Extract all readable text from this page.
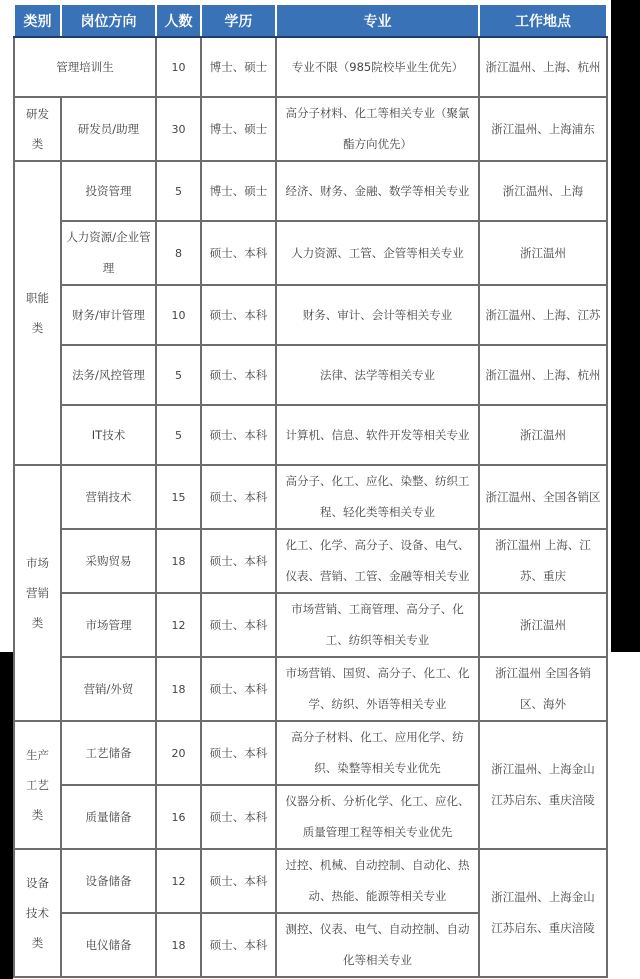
类别	岗位方向	人数	学历	专业	工作地点
管理培训生		10	博士、硕士	专业不限（985院校毕业生优先）	浙江温州、上海、杭州
研发类	研发员/助理	30	博士、硕士	高分子材料、化工等相关专业（聚氯酯方向优先）	浙江温州、上海浦东
职能类	投资管理	5	博士、硕士	经济、财务、金融、数学等相关专业	浙江温州、上海
	人力资源/企业管理	8	硕士、本科	人力资源、工管、企管等相关专业	浙江温州
	财务/审计管理	10	硕士、本科	财务、审计、会计等相关专业	浙江温州、上海、江苏
	法务/风控管理	5	硕士、本科	法律、法学等相关专业	浙江温州、上海、杭州
	IT技术	5	硕士、本科	计算机、信息、软件开发等相关专业	浙江温州
市场营销类	营销技术	15	硕士、本科	高分子、化工、应化、染整、纺织工程、轻化类等相关专业	浙江温州、全国各销区
	采购贸易	18	硕士、本科	化工、化学、高分子、设备、电气、仪表、营销、工管、金融等相关专业	浙江温州 上海、江苏、重庆
	市场管理	12	硕士、本科	市场营销、工商管理、高分子、化工、纺织等相关专业	浙江温州
	营销/外贸	18	硕士、本科	市场营销、国贸、高分子、化工、化学、纺织、外语等相关专业	浙江温州 全国各销区、海外
生产工艺类	工艺储备	20	硕士、本科	高分子材料、化工、应用化学、纺织、染整等相关专业优先	浙江温州、上海金山 江苏启东、重庆涪陵
	质量储备	16	硕士、本科	仪器分析、分析化学、化工、应化、质量管理工程等相关专业优先	
设备技术类	设备储备	12	硕士、本科	过控、机械、自动控制、自动化、热动、热能、能源等相关专业	浙江温州、上海金山 江苏启东、重庆涪陵
	电仪储备	18	硕士、本科	测控、仪表、电气、自动控制、自动化等相关专业	
